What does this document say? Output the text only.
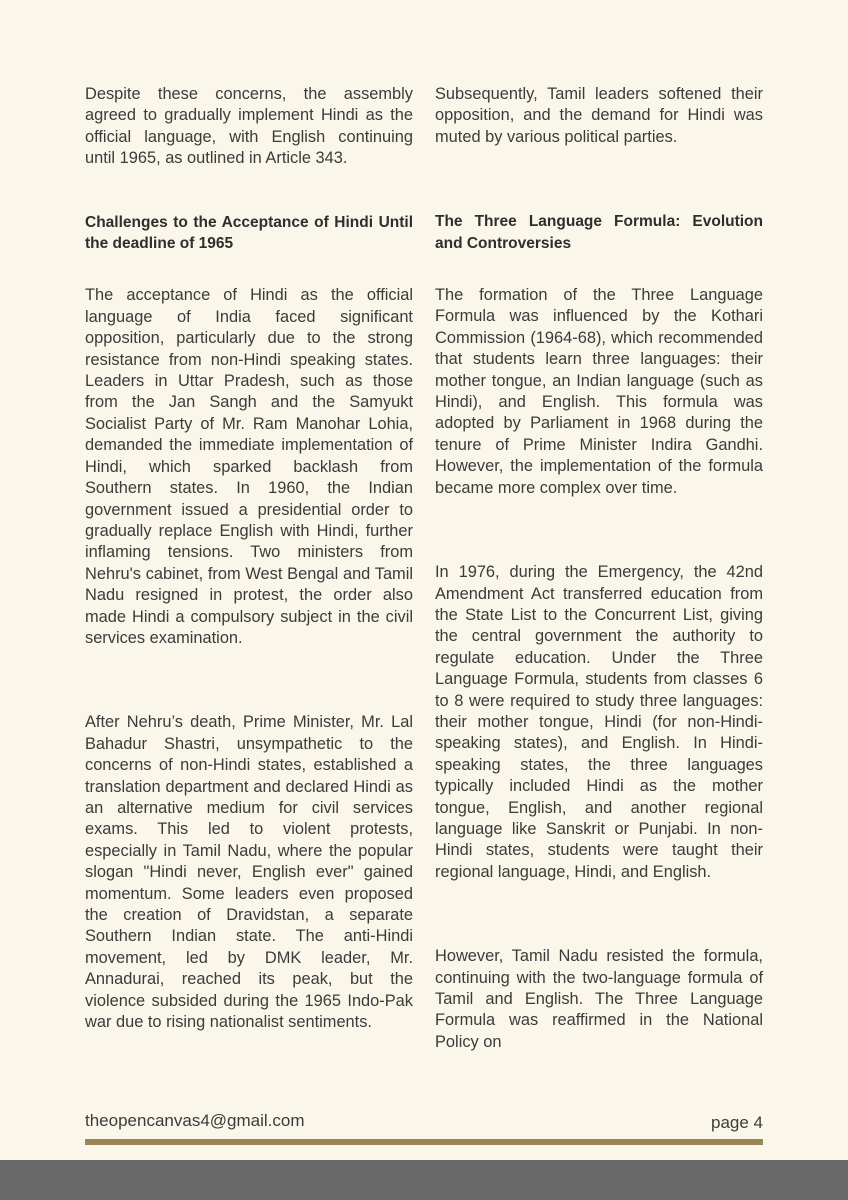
Despite these concerns, the assembly agreed to gradually implement Hindi as the official language, with English continuing until 1965, as outlined in Article 343.

Challenges to the Acceptance of Hindi Until the deadline of 1965

The acceptance of Hindi as the official language of India faced significant opposition, particularly due to the strong resistance from non-Hindi speaking states. Leaders in Uttar Pradesh, such as those from the Jan Sangh and the Samyukt Socialist Party of Mr. Ram Manohar Lohia, demanded the immediate implementation of Hindi, which sparked backlash from Southern states. In 1960, the Indian government issued a presidential order to gradually replace English with Hindi, further inflaming tensions. Two ministers from Nehru's cabinet, from West Bengal and Tamil Nadu resigned in protest, the order also made Hindi a compulsory subject in the civil services examination.

After Nehru’s death, Prime Minister, Mr. Lal Bahadur Shastri, unsympathetic to the concerns of non-Hindi states, established a translation department and declared Hindi as an alternative medium for civil services exams. This led to violent protests, especially in Tamil Nadu, where the popular slogan "Hindi never, English ever" gained momentum. Some leaders even proposed the creation of Dravidstan, a separate Southern Indian state. The anti-Hindi movement, led by DMK leader, Mr. Annadurai, reached its peak, but the violence subsided during the 1965 Indo-Pak war due to rising nationalist sentiments.

Subsequently, Tamil leaders softened their opposition, and the demand for Hindi was muted by various political parties.

The Three Language Formula: Evolution and Controversies

The formation of the Three Language Formula was influenced by the Kothari Commission (1964-68), which recommended that students learn three languages: their mother tongue, an Indian language (such as Hindi), and English. This formula was adopted by Parliament in 1968 during the tenure of Prime Minister Indira Gandhi. However, the implementation of the formula became more complex over time.

In 1976, during the Emergency, the 42nd Amendment Act transferred education from the State List to the Concurrent List, giving the central government the authority to regulate education. Under the Three Language Formula, students from classes 6 to 8 were required to study three languages: their mother tongue, Hindi (for non-Hindi-speaking states), and English. In Hindi-speaking states, the three languages typically included Hindi as the mother tongue, English, and another regional language like Sanskrit or Punjabi. In non-Hindi states, students were taught their regional language, Hindi, and English.

However, Tamil Nadu resisted the formula, continuing with the two-language formula of Tamil and English. The Three Language Formula was reaffirmed in the National Policy on

theopencanvas4@gmail.com	page 4
